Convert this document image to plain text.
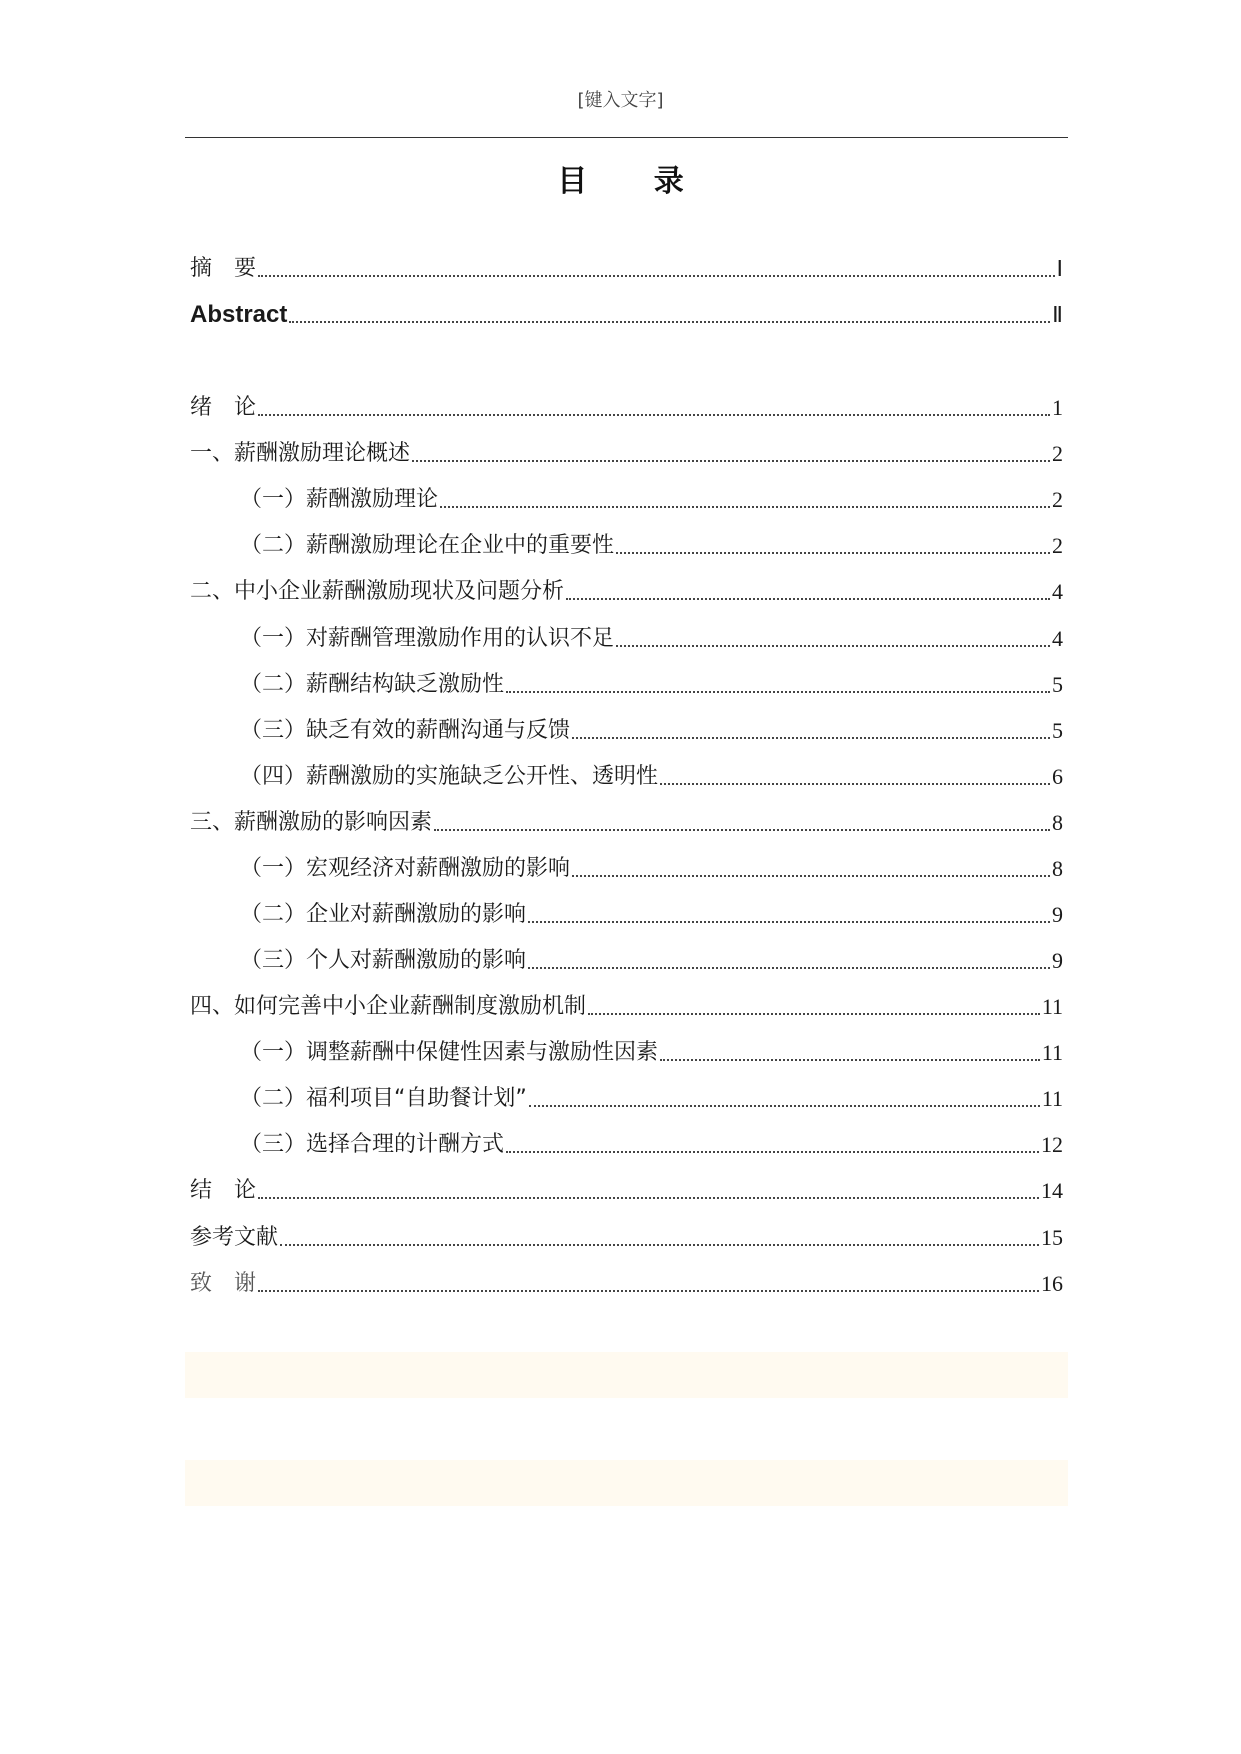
[键入文字]
目 录
摘　要	Ⅰ
Abstract	Ⅱ
绪　论	1
一、薪酬激励理论概述	2
（一）薪酬激励理论	2
（二）薪酬激励理论在企业中的重要性	2
二、中小企业薪酬激励现状及问题分析	4
（一）对薪酬管理激励作用的认识不足	4
（二）薪酬结构缺乏激励性	5
（三）缺乏有效的薪酬沟通与反馈	5
（四）薪酬激励的实施缺乏公开性、透明性	6
三、薪酬激励的影响因素	8
（一）宏观经济对薪酬激励的影响	8
（二）企业对薪酬激励的影响	9
（三）个人对薪酬激励的影响	9
四、如何完善中小企业薪酬制度激励机制	11
（一）调整薪酬中保健性因素与激励性因素	11
（二）福利项目“自助餐计划”	11
（三）选择合理的计酬方式	12
结　论	14
参考文献	15
致　谢	16
